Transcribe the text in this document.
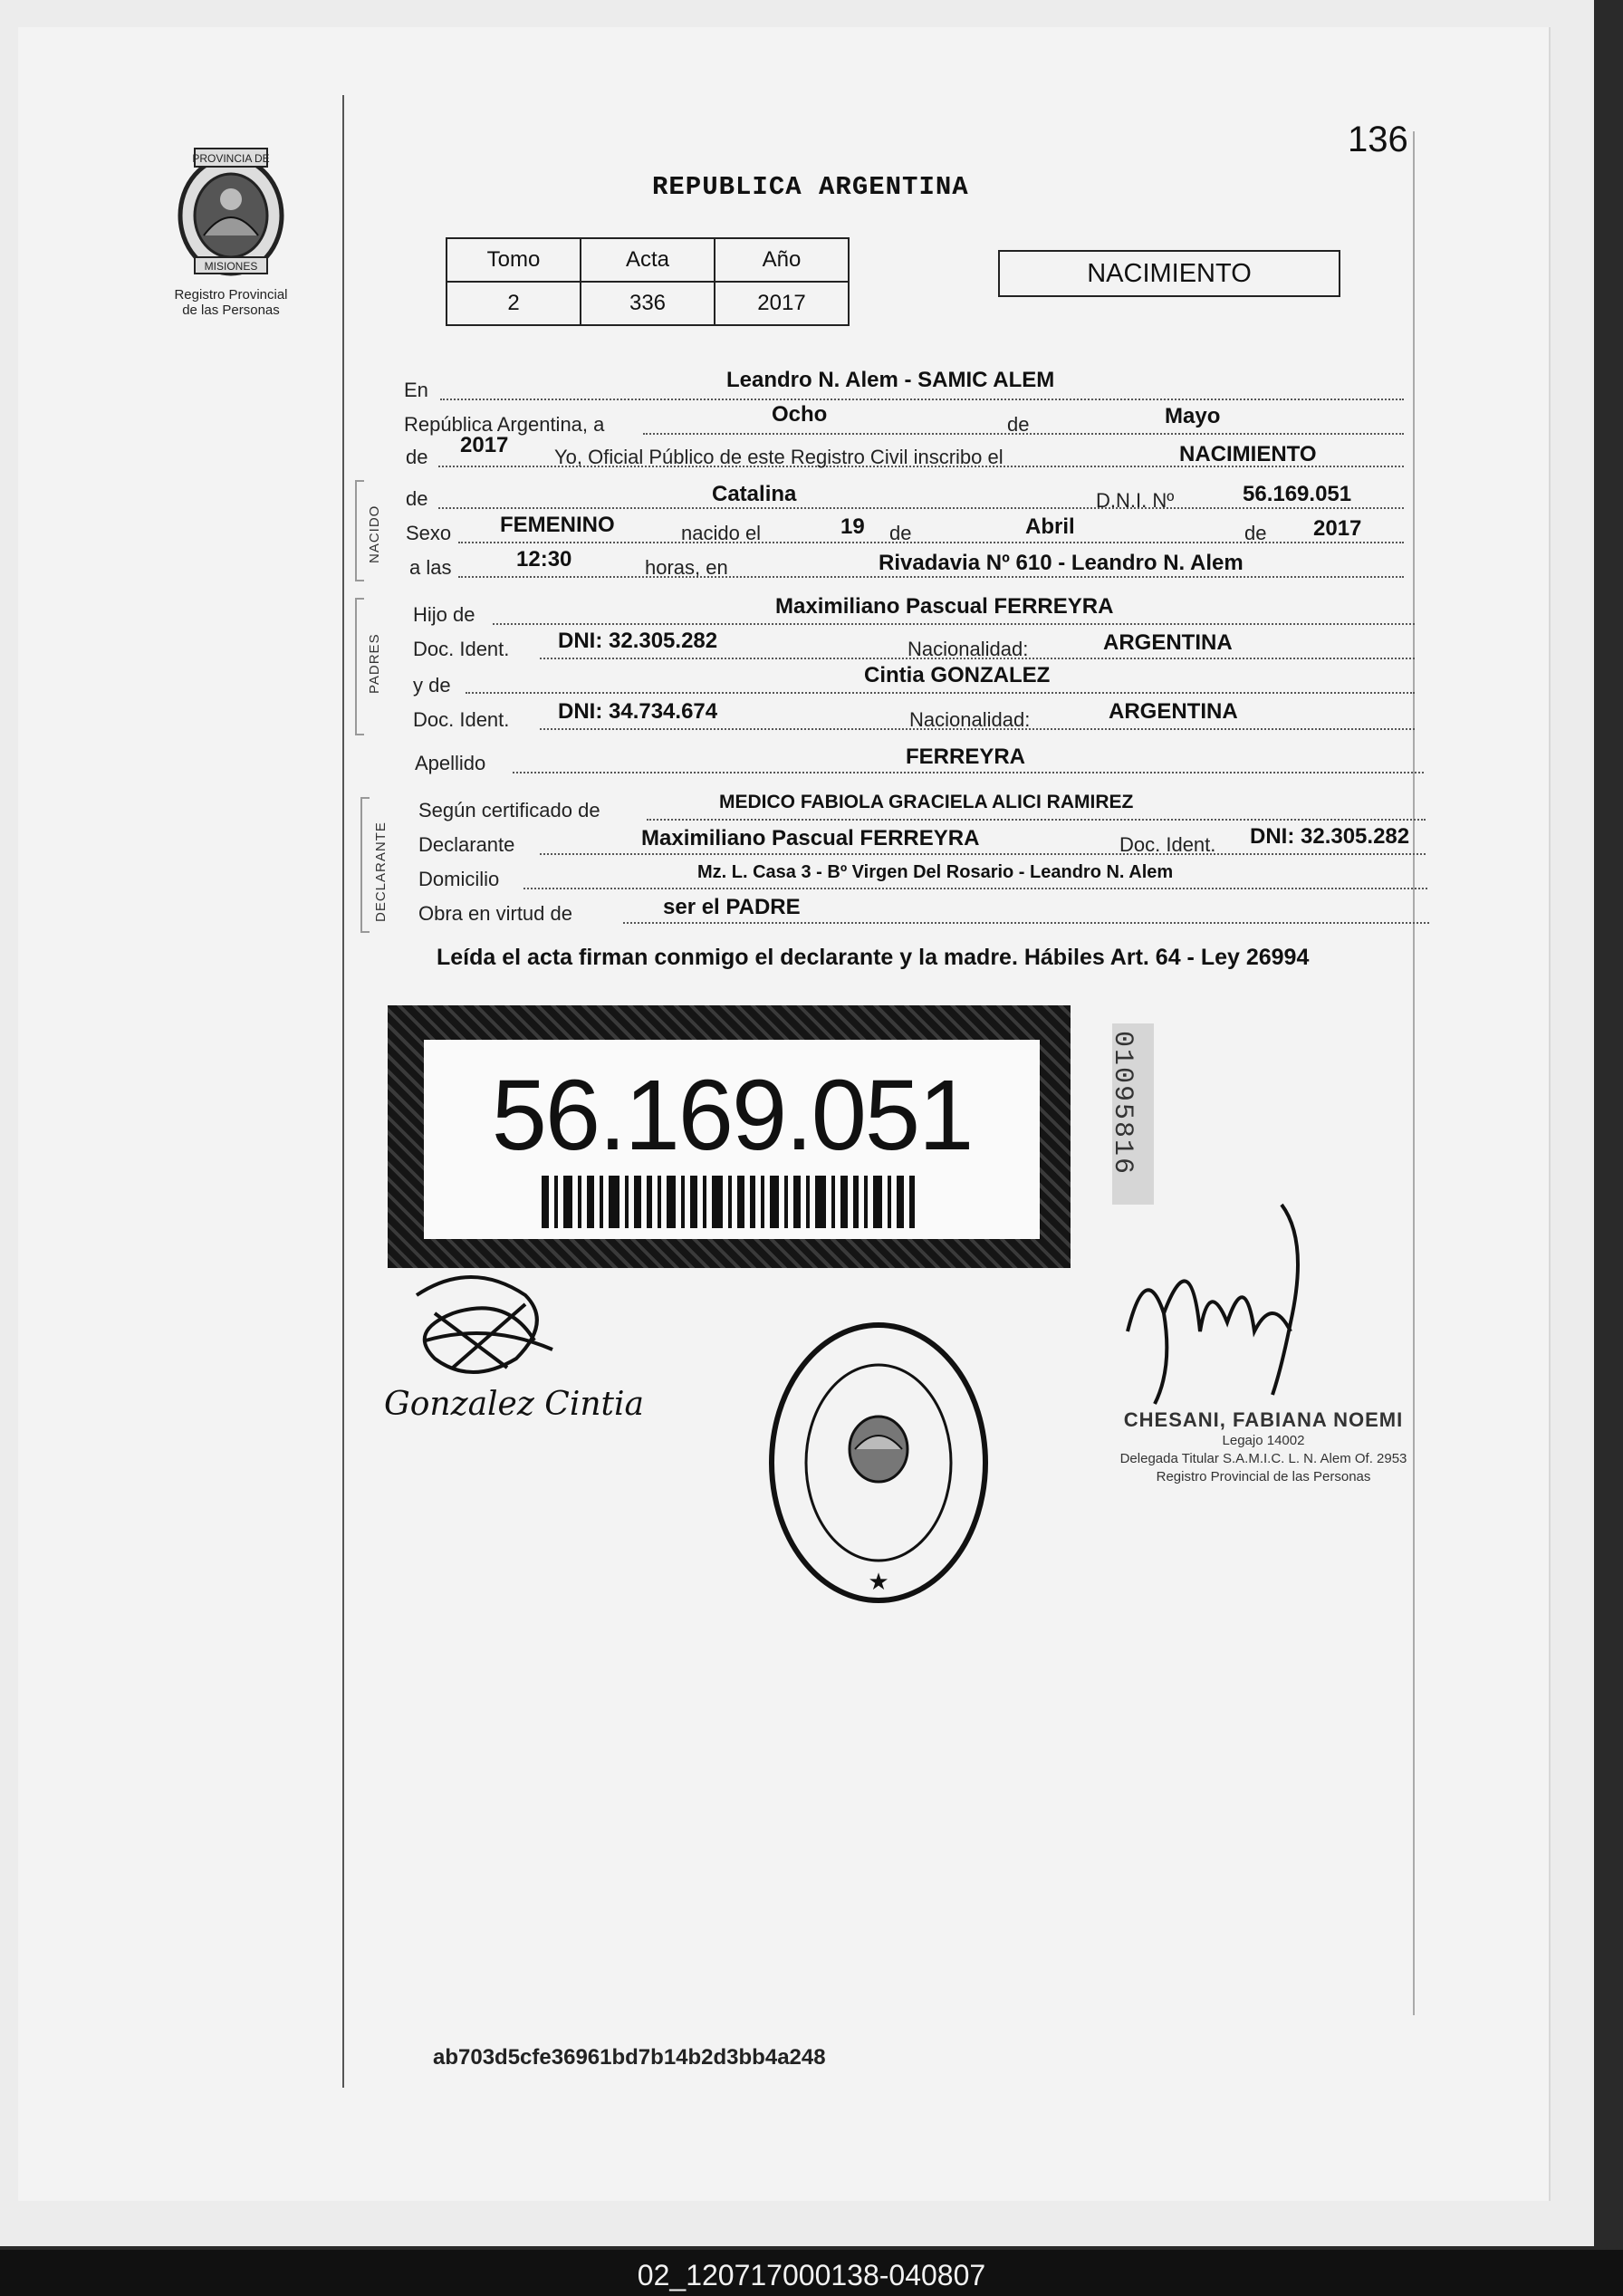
PROVINCIA DE
MISIONES
Registro Provincial
de las Personas
136
REPUBLICA ARGENTINA
Tomo	Acta	Año
2	336	2017
NACIMIENTO
En	Leandro N. Alem - SAMIC ALEM
República Argentina, a	Ocho	de	Mayo
de 2017 Yo, Oficial Público de este Registro Civil inscribo el	NACIMIENTO
NACIDO
de	Catalina	D.N.I. Nº	56.169.051
Sexo FEMENINO	nacido el	19 de	Abril	de 2017
a las	12:30	horas, en	Rivadavia Nº 610 - Leandro N. Alem
PADRES
Hijo de	Maximiliano Pascual FERREYRA
Doc. Ident. DNI: 32.305.282	Nacionalidad:	ARGENTINA
y de	Cintia GONZALEZ
Doc. Ident. DNI: 34.734.674	Nacionalidad:	ARGENTINA
Apellido	FERREYRA
DECLARANTE
Según certificado de	MEDICO FABIOLA GRACIELA ALICI RAMIREZ
Declarante	Maximiliano Pascual FERREYRA	Doc. Ident. DNI: 32.305.282
Domicilio	Mz. L. Casa 3 - Bº Virgen Del Rosario - Leandro N. Alem
Obra en virtud de	ser el PADRE
Leída el acta firman conmigo el declarante y la madre. Hábiles Art. 64 - Ley 26994
56.169.051	01095816
Gonzalez Cintia
★
CHESANI, FABIANA NOEMI
Legajo 14002
Delegada Titular S.A.M.I.C. L. N. Alem Of. 2953
Registro Provincial de las Personas
ab703d5cfe36961bd7b14b2d3bb4a248
02_120717000138-040807
